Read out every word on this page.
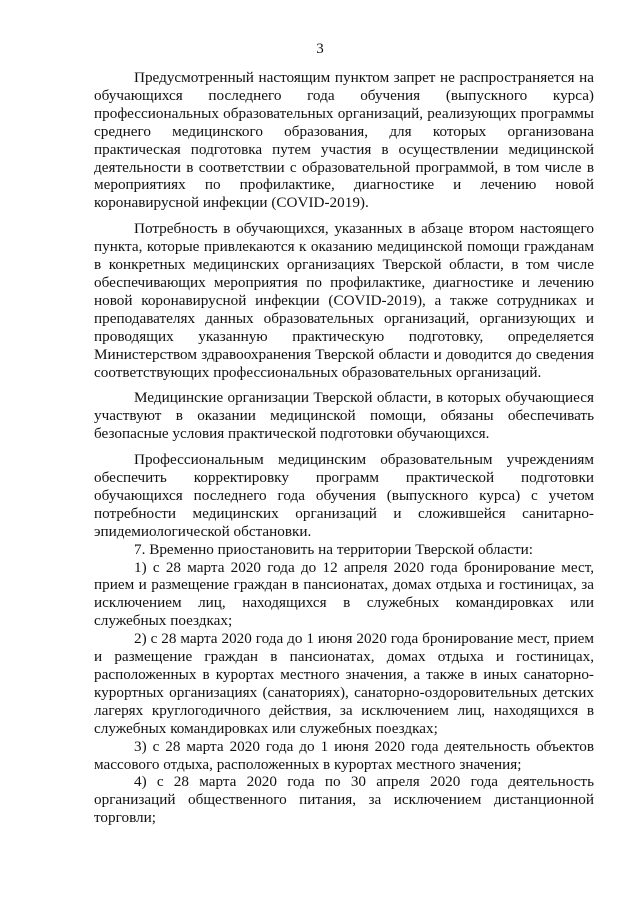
3

Предусмотренный настоящим пунктом запрет не распространяется на обучающихся последнего года обучения (выпускного курса) профессиональных образовательных организаций, реализующих программы среднего медицинского образования, для которых организована практическая подготовка путем участия в осуществлении медицинской деятельности в соответствии с образовательной программой, в том числе в мероприятиях по профилактике, диагностике и лечению новой коронавирусной инфекции (COVID-2019).

Потребность в обучающихся, указанных в абзаце втором настоящего пункта, которые привлекаются к оказанию медицинской помощи гражданам в конкретных медицинских организациях Тверской области, в том числе обеспечивающих мероприятия по профилактике, диагностике и лечению новой коронавирусной инфекции (COVID-2019), а также сотрудниках и преподавателях данных образовательных организаций, организующих и проводящих указанную практическую подготовку, определяется Министерством здравоохранения Тверской области и доводится до сведения соответствующих профессиональных образовательных организаций.

Медицинские организации Тверской области, в которых обучающиеся участвуют в оказании медицинской помощи, обязаны обеспечивать безопасные условия практической подготовки обучающихся.

Профессиональным медицинским образовательным учреждениям обеспечить корректировку программ практической подготовки обучающихся последнего года обучения (выпускного курса) с учетом потребности медицинских организаций и сложившейся санитарно-эпидемиологической обстановки.

7. Временно приостановить на территории Тверской области:

1) с 28 марта 2020 года до 12 апреля 2020 года бронирование мест, прием и размещение граждан в пансионатах, домах отдыха и гостиницах, за исключением лиц, находящихся в служебных командировках или служебных поездках;

2) с 28 марта 2020 года до 1 июня 2020 года бронирование мест, прием и размещение граждан в пансионатах, домах отдыха и гостиницах, расположенных в курортах местного значения, а также в иных санаторно-курортных организациях (санаториях), санаторно-оздоровительных детских лагерях круглогодичного действия, за исключением лиц, находящихся в служебных командировках или служебных поездках;

3) с 28 марта 2020 года до 1 июня 2020 года деятельность объектов массового отдыха, расположенных в курортах местного значения;

4) с 28 марта 2020 года по 30 апреля 2020 года деятельность организаций общественного питания, за исключением дистанционной торговли;
